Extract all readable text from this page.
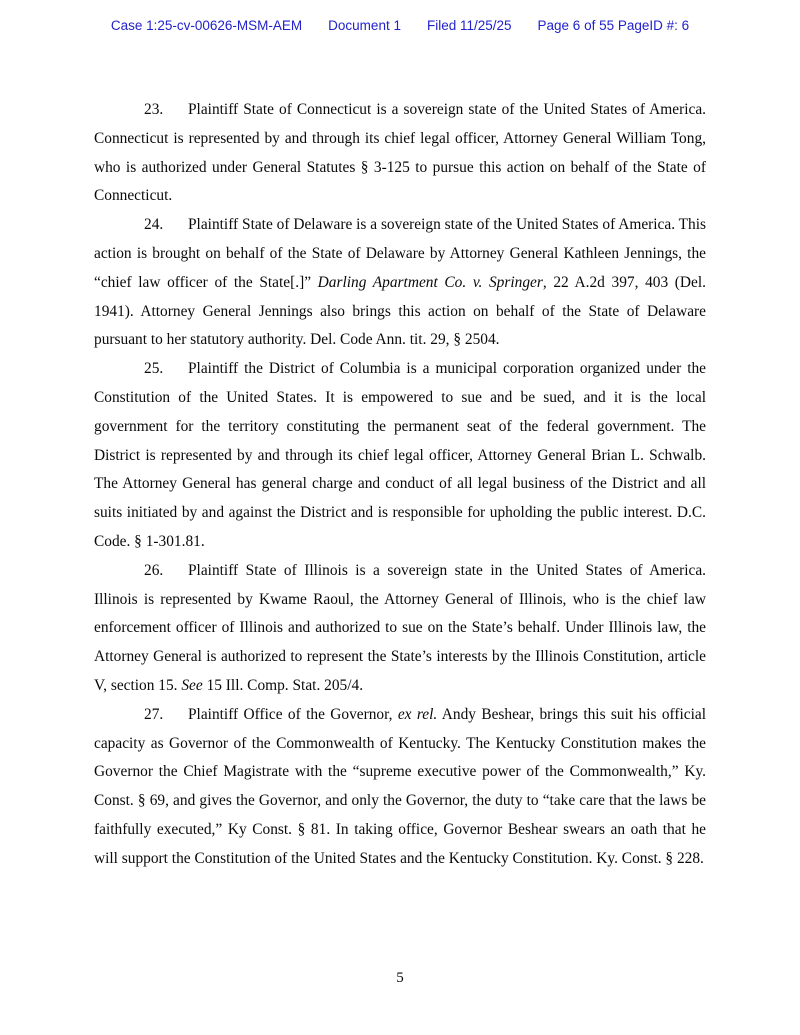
Case 1:25-cv-00626-MSM-AEM Document 1 Filed 11/25/25 Page 6 of 55 PageID #: 6

23. Plaintiff State of Connecticut is a sovereign state of the United States of America. Connecticut is represented by and through its chief legal officer, Attorney General William Tong, who is authorized under General Statutes § 3-125 to pursue this action on behalf of the State of Connecticut.

24. Plaintiff State of Delaware is a sovereign state of the United States of America. This action is brought on behalf of the State of Delaware by Attorney General Kathleen Jennings, the “chief law officer of the State[.]” Darling Apartment Co. v. Springer, 22 A.2d 397, 403 (Del. 1941). Attorney General Jennings also brings this action on behalf of the State of Delaware pursuant to her statutory authority. Del. Code Ann. tit. 29, § 2504.

25. Plaintiff the District of Columbia is a municipal corporation organized under the Constitution of the United States. It is empowered to sue and be sued, and it is the local government for the territory constituting the permanent seat of the federal government. The District is represented by and through its chief legal officer, Attorney General Brian L. Schwalb. The Attorney General has general charge and conduct of all legal business of the District and all suits initiated by and against the District and is responsible for upholding the public interest. D.C. Code. § 1-301.81.

26. Plaintiff State of Illinois is a sovereign state in the United States of America. Illinois is represented by Kwame Raoul, the Attorney General of Illinois, who is the chief law enforcement officer of Illinois and authorized to sue on the State’s behalf. Under Illinois law, the Attorney General is authorized to represent the State’s interests by the Illinois Constitution, article V, section 15. See 15 Ill. Comp. Stat. 205/4.

27. Plaintiff Office of the Governor, ex rel. Andy Beshear, brings this suit his official capacity as Governor of the Commonwealth of Kentucky. The Kentucky Constitution makes the Governor the Chief Magistrate with the “supreme executive power of the Commonwealth,” Ky. Const. § 69, and gives the Governor, and only the Governor, the duty to “take care that the laws be faithfully executed,” Ky Const. § 81. In taking office, Governor Beshear swears an oath that he will support the Constitution of the United States and the Kentucky Constitution. Ky. Const. § 228.

5
